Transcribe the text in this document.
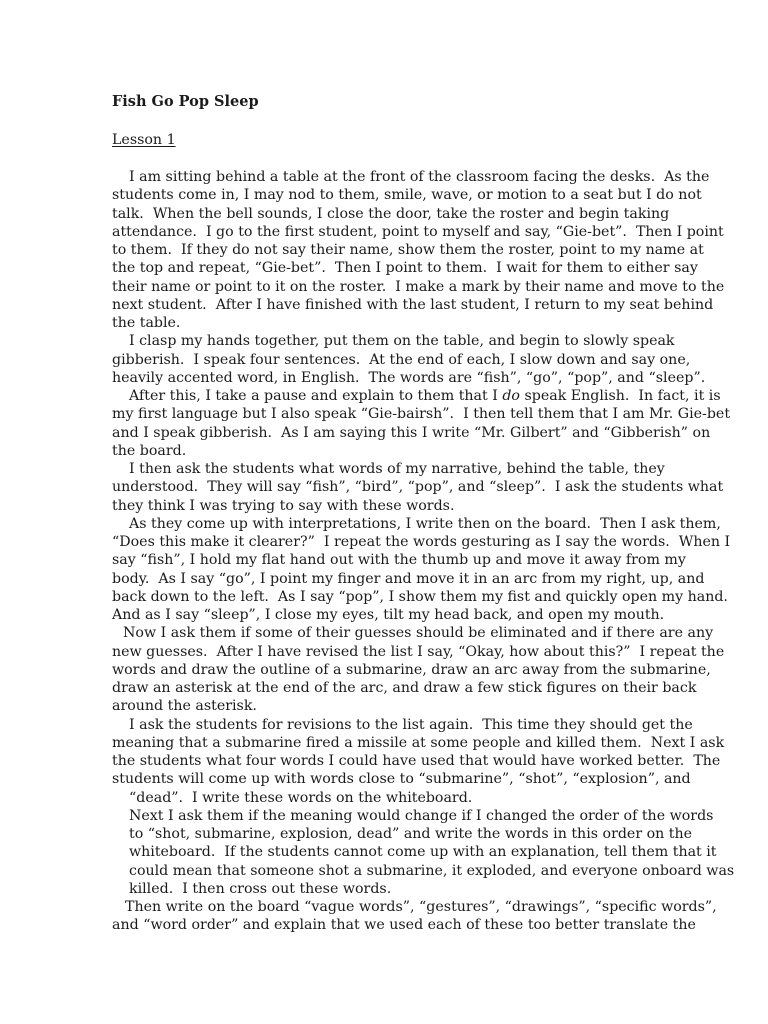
Fish Go Pop Sleep

Lesson 1

I am sitting behind a table at the front of the classroom facing the desks.  As the
students come in, I may nod to them, smile, wave, or motion to a seat but I do not
talk.  When the bell sounds, I close the door, take the roster and begin taking
attendance.  I go to the first student, point to myself and say, “Gie-bet”.  Then I point
to them.  If they do not say their name, show them the roster, point to my name at
the top and repeat, “Gie-bet”.  Then I point to them.  I wait for them to either say
their name or point to it on the roster.  I make a mark by their name and move to the
next student.  After I have finished with the last student, I return to my seat behind
the table.
I clasp my hands together, put them on the table, and begin to slowly speak
gibberish.  I speak four sentences.  At the end of each, I slow down and say one,
heavily accented word, in English.  The words are “fish”, “go”, “pop”, and “sleep”.
After this, I take a pause and explain to them that I do speak English.  In fact, it is
my first language but I also speak “Gie-bairsh”.  I then tell them that I am Mr. Gie-bet
and I speak gibberish.  As I am saying this I write “Mr. Gilbert” and “Gibberish” on
the board.
I then ask the students what words of my narrative, behind the table, they
understood.  They will say “fish”, “bird”, “pop”, and “sleep”.  I ask the students what
they think I was trying to say with these words.
As they come up with interpretations, I write then on the board.  Then I ask them,
“Does this make it clearer?”  I repeat the words gesturing as I say the words.  When I
say “fish”, I hold my flat hand out with the thumb up and move it away from my
body.  As I say “go”, I point my finger and move it in an arc from my right, up, and
back down to the left.  As I say “pop”, I show them my fist and quickly open my hand.
And as I say “sleep”, I close my eyes, tilt my head back, and open my mouth.
Now I ask them if some of their guesses should be eliminated and if there are any
new guesses.  After I have revised the list I say, “Okay, how about this?”  I repeat the
words and draw the outline of a submarine, draw an arc away from the submarine,
draw an asterisk at the end of the arc, and draw a few stick figures on their back
around the asterisk.
I ask the students for revisions to the list again.  This time they should get the
meaning that a submarine fired a missile at some people and killed them.  Next I ask
the students what four words I could have used that would have worked better.  The
students will come up with words close to “submarine”, “shot”, “explosion”, and
“dead”.  I write these words on the whiteboard.
Next I ask them if the meaning would change if I changed the order of the words
to “shot, submarine, explosion, dead” and write the words in this order on the
whiteboard.  If the students cannot come up with an explanation, tell them that it
could mean that someone shot a submarine, it exploded, and everyone onboard was
killed.  I then cross out these words.
Then write on the board “vague words”, “gestures”, “drawings”, “specific words”,
and “word order” and explain that we used each of these too better translate the
